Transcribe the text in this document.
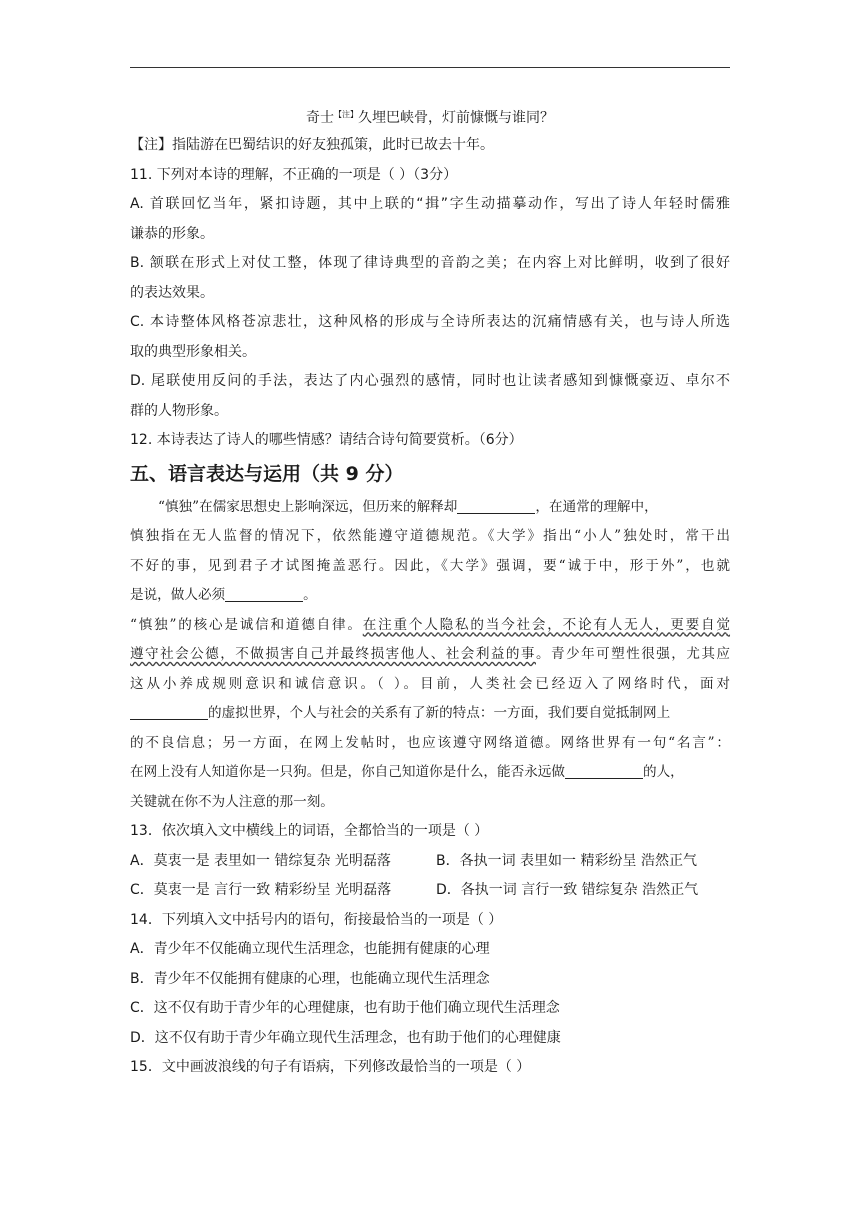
奇士$^{【注】}$久埋巴峡骨，灯前慷慨与谁同？
【注】指陆游在巴蜀结识的好友独孤策，此时已故去十年。
11. 下列对本诗的理解，不正确的一项是（ ）（3分）
A. 首联回忆当年，紧扣诗题，其中上联的“揖”字生动描摹动作，写出了诗人年轻时儒雅
谦恭的形象。
B. 颔联在形式上对仗工整，体现了律诗典型的音韵之美；在内容上对比鲜明，收到了很好
的表达效果。
C. 本诗整体风格苍凉悲壮，这种风格的形成与全诗所表达的沉痛情感有关，也与诗人所选
取的典型形象相关。
D. 尾联使用反问的手法，表达了内心强烈的感情，同时也让读者感知到慷慨豪迈、卓尔不
群的人物形象。
12. 本诗表达了诗人的哪些情感？请结合诗句简要赏析。（6分）
五、语言表达与运用（共 9 分）
“慎独”在儒家思想史上影响深远，但历来的解释却	，在通常的理解中，
慎独指在无人监督的情况下，依然能遵守道德规范。《大学》指出“小人”独处时，常干出
不好的事，见到君子才试图掩盖恶行。因此，《大学》强调，要“诚于中，形于外”，也就
是说，做人必须	。
“慎独”的核心是诚信和道德自律。在注重个人隐私的当今社会，不论有人无人，更要自觉
遵守社会公德，不做损害自己并最终损害他人、社会利益的事。青少年可塑性很强，尤其应
这从小养成规则意识和诚信意识。（ ）。目前，人类社会已经迈入了网络时代，面对
的虚拟世界，个人与社会的关系有了新的特点：一方面，我们要自觉抵制网上
的不良信息；另一方面，在网上发帖时，也应该遵守网络道德。网络世界有一句“名言”：
在网上没有人知道你是一只狗。但是，你自己知道你是什么，能否永远做	的人，
关键就在你不为人注意的那一刻。
13．依次填入文中横线上的词语，全都恰当的一项是（ ）
A．莫衷一是 表里如一 错综复杂 光明磊落	B．各执一词 表里如一 精彩纷呈 浩然正气
C．莫衷一是 言行一致 精彩纷呈 光明磊落	D．各执一词 言行一致 错综复杂 浩然正气
14．下列填入文中括号内的语句，衔接最恰当的一项是（ ）
A．青少年不仅能确立现代生活理念，也能拥有健康的心理
B．青少年不仅能拥有健康的心理，也能确立现代生活理念
C．这不仅有助于青少年的心理健康，也有助于他们确立现代生活理念
D．这不仅有助于青少年确立现代生活理念，也有助于他们的心理健康
15．文中画波浪线的句子有语病，下列修改最恰当的一项是（ ）
